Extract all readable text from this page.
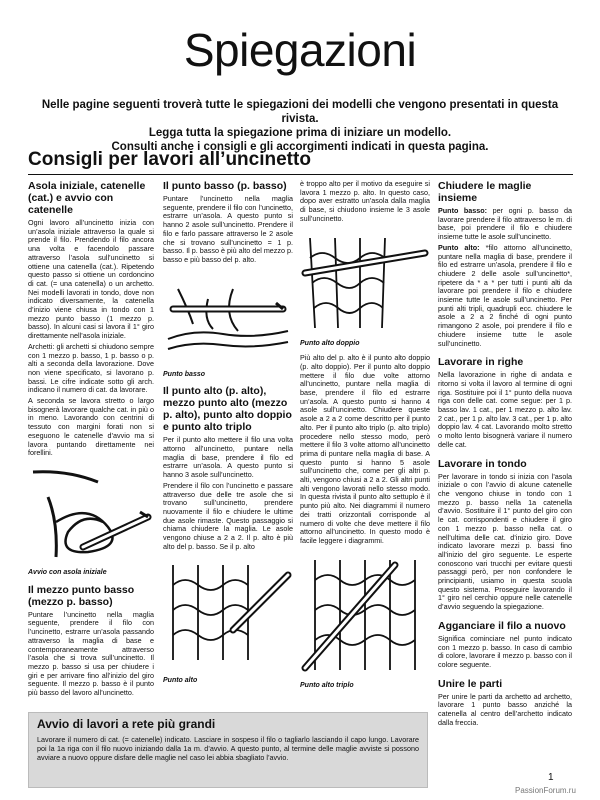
Spiegazioni
Nelle pagine seguenti troverà tutte le spiegazioni dei modelli che vengono presentati in questa rivista.
Legga tutta la spiegazione prima di iniziare un modello.
Consulti anche i consigli e gli accorgimenti indicati in questa pagina.
Consigli per lavori all’uncinetto
Asola iniziale, catenelle (cat.) e avvio con catenelle
Ogni lavoro all’uncinetto inizia con un’asola iniziale attraverso la quale si prende il filo. Prendendo il filo ancora una volta e facendolo passare attraverso l’asola sull’uncinetto si ottiene una catenella (cat.). Ripetendo questo passo si ottiene un cordoncino di cat. (= una catenella) o un archetto. Nei modelli lavorati in tondo, dove non indicato diversamente, la catenella d’inizio viene chiusa in tondo con 1 mezzo punto basso (1 mezzo p. basso). In alcuni casi si lavora il 1° giro direttamente nell’asola iniziale.
Archetti: gli archetti si chiudono sempre con 1 mezzo p. basso, 1 p. basso o p. alti a seconda della lavorazione. Dove non viene specificato, si lavorano p. bassi. Le cifre indicate sotto gli arch. indicano il numero di cat. da lavorare.
A seconda se lavora stretto o largo bisognerà lavorare qualche cat. in più o in meno. Lavorando con centrini di tessuto con margini forati non si eseguono le catenelle d’avvio ma si lavora puntando direttamente nei forellini.
Avvio con asola iniziale
Il mezzo punto basso (mezzo p. basso)
Puntare l’uncinetto nella maglia seguente, prendere il filo con l’uncinetto, estrarre un’asola passando attraverso la maglia di base e contemporaneamente attraverso l’asola che si trova sull’uncinetto. Il mezzo p. basso si usa per chiudere i giri e per arrivare fino all’inizio del giro seguente. Il mezzo p. basso è il punto più basso del lavoro all’uncinetto.
Il punto basso (p. basso)
Puntare l’uncinetto nella maglia seguente, prendere il filo con l’uncinetto, estrarre un’asola. A questo punto si hanno 2 asole sull’uncinetto. Prendere il filo e farlo passare attraverso le 2 asole che si trovano sull’uncinetto = 1 p. basso. Il p. basso è più alto del mezzo p. basso e più basso del p. alto.
Punto basso
Il punto alto (p. alto), mezzo punto alto (mezzo p. alto), punto alto doppio e punto alto triplo
Per il punto alto mettere il filo una volta attorno all’uncinetto, puntare nella maglia di base, prendere il filo ed estrarre un’asola. A questo punto si hanno 3 asole sull’uncinetto.
Prendere il filo con l’uncinetto e passare attraverso due delle tre asole che si trovano sull’uncinetto, prendere nuovamente il filo e chiudere le ultime due asole rimaste. Questo passaggio si chiama chiudere la maglia. Le asole vengono chiuse a 2 a 2. Il p. alto è più alto del p. basso. Se il p. alto
Punto alto
è troppo alto per il motivo da eseguire si lavora 1 mezzo p. alto. In questo caso, dopo aver estratto un’asola dalla maglia di base, si chiudono insieme le 3 asole sull’uncinetto.
Punto alto doppio
Più alto del p. alto è il punto alto doppio (p. alto doppio). Per il punto alto doppio mettere il filo due volte attorno all’uncinetto, puntare nella maglia di base, prendere il filo ed estrarre un’asola. A questo punto si hanno 4 asole sull’uncinetto. Chiudere queste asole a 2 a 2 come descritto per il punto alto. Per il punto alto triplo (p. alto triplo) procedere nello stesso modo, però mettere il filo 3 volte attorno all’uncinetto prima di puntare nella maglia di base. A questo punto si hanno 5 asole sull’uncinetto che, come per gli altri p. alti, vengono chiusi a 2 a 2. Gli altri punti alti vengono lavorati nello stesso modo. In questa rivista il punto alto settuplo è il punto più alto. Nei diagrammi il numero dei tratti orizzontali corrisponde al numero di volte che deve mettere il filo attorno all’uncinetto. In questo modo è facile leggere i diagrammi.
Punto alto triplo
Chiudere le maglie insieme
Punto basso: per ogni p. basso da lavorare prendere il filo attraverso le m. di base, poi prendere il filo e chiudere insieme tutte le asole sull’uncinetto.
Punto alto: *filo attorno all’uncinetto, puntare nella maglia di base, prendere il filo ed estrarre un’asola, prendere il filo e chiudere 2 delle asole sull’uncinetto*, ripetere da * a * per tutti i punti alti da lavorare poi prendere il filo e chiudere insieme tutte le asole sull’uncinetto. Per punti alti tripli, quadrupli ecc. chiudere le asole a 2 a 2 finché di ogni punto rimangono 2 asole, poi prendere il filo e chiudere insieme tutte le asole sull’uncinetto.
Lavorare in righe
Nella lavorazione in righe di andata e ritorno si volta il lavoro al termine di ogni riga. Sostituire poi il 1° punto della nuova riga con delle cat. come segue: per 1 p. basso lav. 1 cat., per 1 mezzo p. alto lav. 2 cat., per 1 p. alto lav. 3 cat., per 1 p. alto doppio lav. 4 cat. Lavorando molto stretto o molto lento bisognerà variare il numero delle cat.
Lavorare in tondo
Per lavorare in tondo si inizia con l’asola iniziale o con l’avvio di alcune catenelle che vengono chiuse in tondo con 1 mezzo p. basso nella 1a catenella d’avvio. Sostituire il 1° punto del giro con le cat. corrispondenti e chiudere il giro con 1 mezzo p. basso nella cat. o nell’ultima delle cat. d’inizio giro. Dove indicato lavorare mezzi p. bassi fino all’inizio del giro seguente. Le esperte conoscono vari trucchi per evitare questi passaggi però, per non confondere le principianti, usiamo in questa scuola questo sistema. Proseguire lavorando il 1° giro nel cerchio oppure nelle catenelle d’avvio seguendo la spiegazione.
Agganciare il filo a nuovo
Significa cominciare nel punto indicato con 1 mezzo p. basso. In caso di cambio di colore, lavorare il mezzo p. basso con il colore seguente.
Unire le parti
Per unire le parti da archetto ad archetto, lavorare 1 punto basso anziché la catenella al centro dell’archetto indicato dalla freccia.
Avvio di lavori a rete più grandi
Lavorare il numero di cat. (= catenelle) indicato. Lasciare in sospeso il filo o tagliarlo lasciando il capo lungo. Lavorare poi la 1a riga con il filo nuovo iniziando dalla 1a m. d’avvio. A questo punto, al termine delle maglie avviste si possono avviare a nuovo oppure disfare delle maglie nel caso lei abbia sbagliato l’avvio.
1
PassionForum.ru
